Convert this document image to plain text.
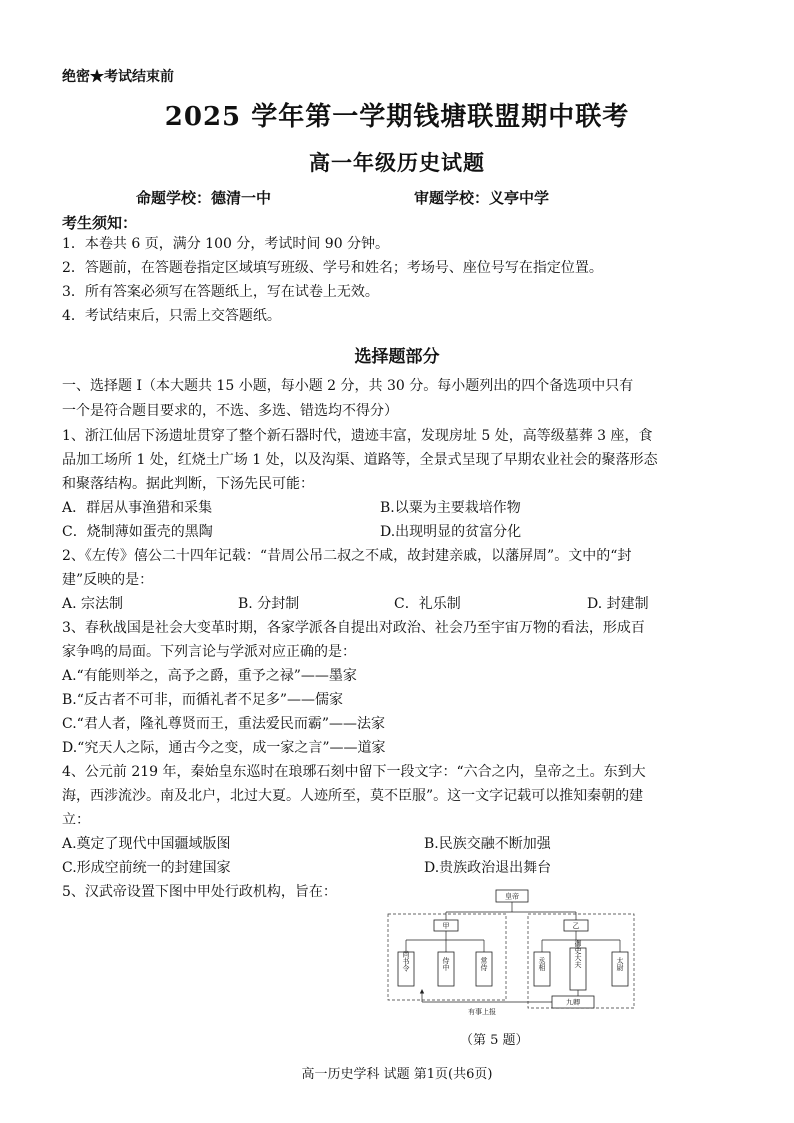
绝密★考试结束前
2025 学年第一学期钱塘联盟期中联考
高一年级历史试题
命题学校：德清一中	审题学校：义亭中学
考生须知：
1．本卷共 6 页，满分 100 分，考试时间 90 分钟。
2．答题前，在答题卷指定区域填写班级、学号和姓名；考场号、座位号写在指定位置。
3．所有答案必须写在答题纸上，写在试卷上无效。
4．考试结束后，只需上交答题纸。
选择题部分
一、选择题 I（本大题共 15 小题，每小题 2 分，共 30 分。每小题列出的四个备选项中只有
一个是符合题目要求的，不选、多选、错选均不得分）
1、浙江仙居下汤遗址贯穿了整个新石器时代，遗迹丰富，发现房址 5 处，高等级墓葬 3 座，食
品加工场所 1 处，红烧土广场 1 处，以及沟渠、道路等，全景式呈现了早期农业社会的聚落形态
和聚落结构。据此判断，下汤先民可能：
A．群居从事渔猎和采集	B.以粟为主要栽培作物
C．烧制薄如蛋壳的黑陶	D.出现明显的贫富分化
2、《左传》僖公二十四年记载：“昔周公吊二叔之不咸，故封建亲戚，以藩屏周”。文中的“封
建”反映的是：
A. 宗法制	B. 分封制	C．礼乐制	D. 封建制
3、春秋战国是社会大变革时期，各家学派各自提出对政治、社会乃至宇宙万物的看法，形成百
家争鸣的局面。下列言论与学派对应正确的是：
A.“有能则举之，高予之爵，重予之禄”——墨家
B.“反古者不可非，而循礼者不足多”——儒家
C.“君人者，隆礼尊贤而王，重法爱民而霸”——法家
D.“究天人之际，通古今之变，成一家之言”——道家
4、公元前 219 年，秦始皇东巡时在琅琊石刻中留下一段文字：“六合之内，皇帝之土。东到大
海，西涉流沙。南及北户，北过大夏。人迹所至，莫不臣服”。这一文字记载可以推知秦朝的建
立：
A.奠定了现代中国疆域版图	B.民族交融不断加强
C.形成空前统一的封建国家	D.贵族政治退出舞台
5、汉武帝设置下图中甲处行政机构，旨在：	皇帝
甲
尚书令	侍中	常侍
乙
丞相	御史大夫	太尉
九卿
有事上报
（第 5 题）
高一历史学科 试题 第1页(共6页)
